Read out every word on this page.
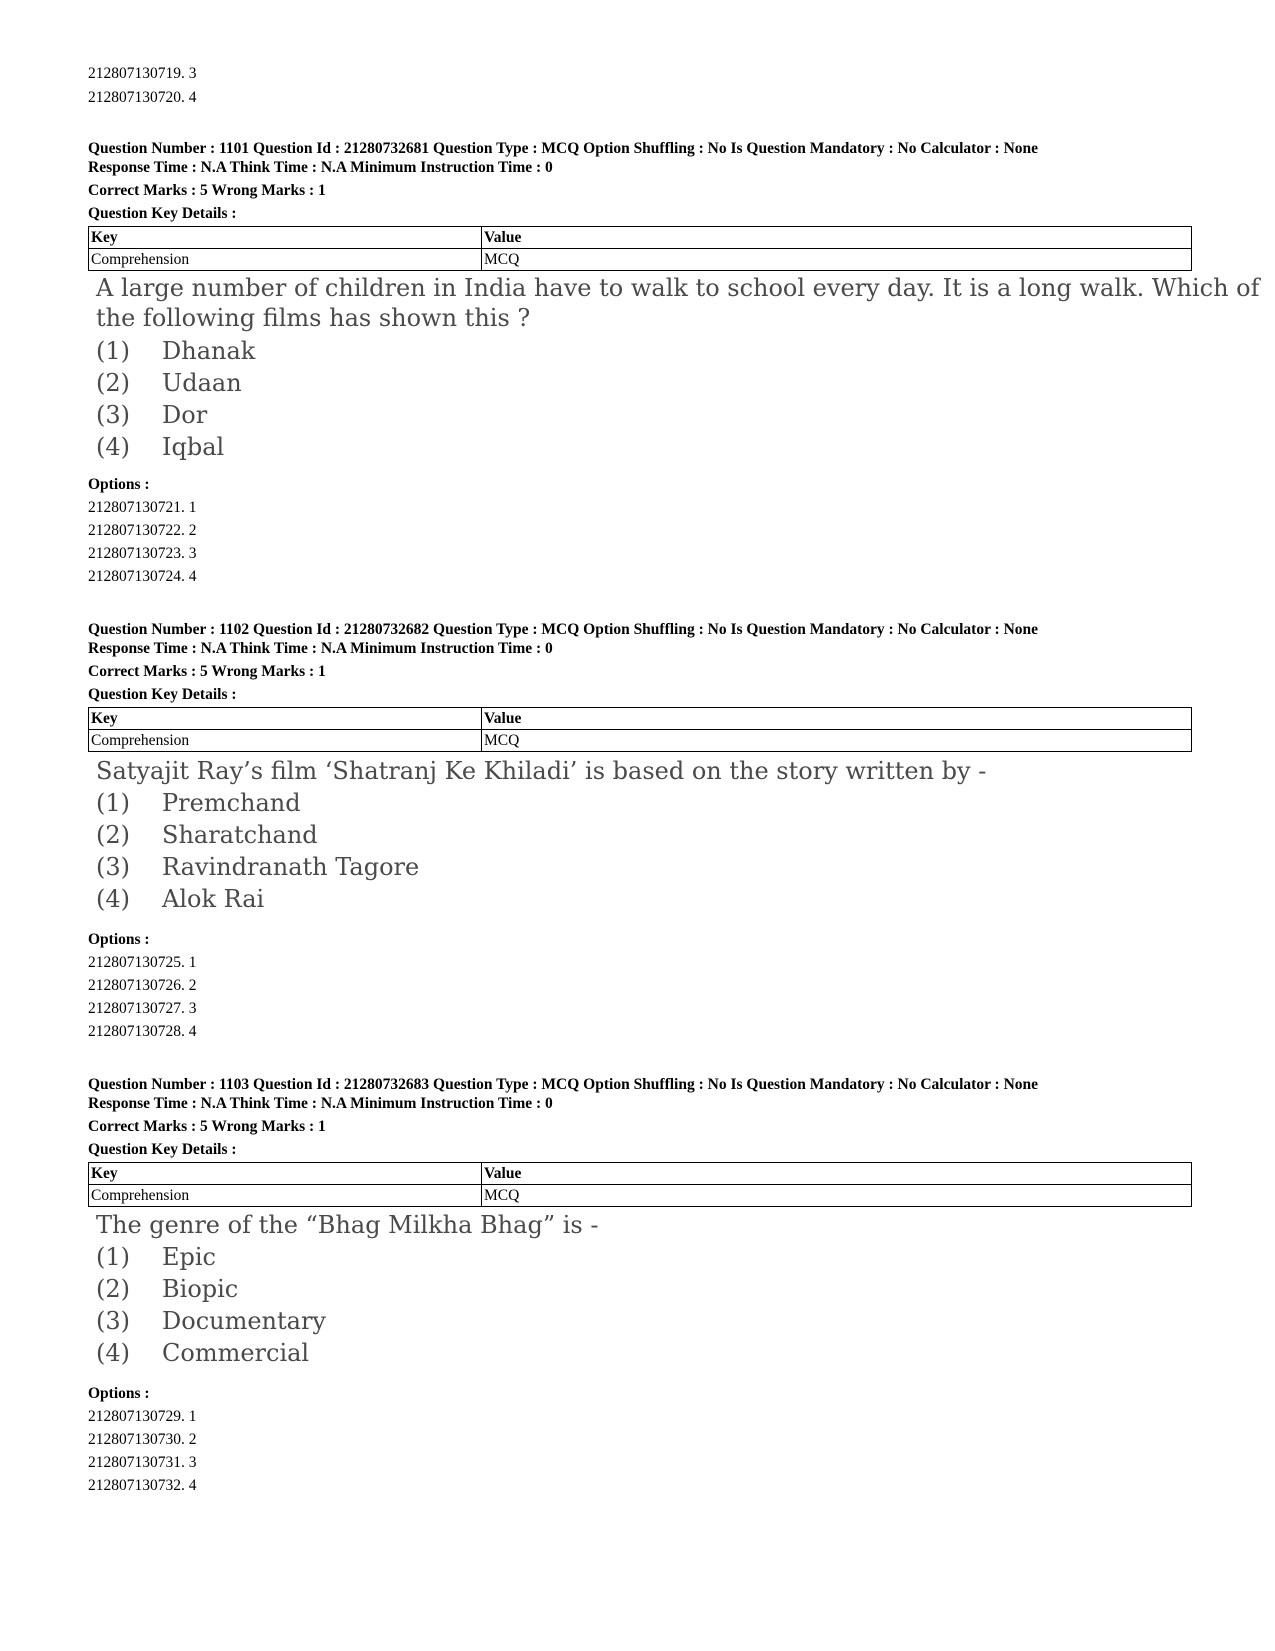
212807130719. 3
212807130720. 4
Question Number : 1101 Question Id : 21280732681 Question Type : MCQ Option Shuffling : No Is Question Mandatory : No Calculator : None
Response Time : N.A Think Time : N.A Minimum Instruction Time : 0
Correct Marks : 5 Wrong Marks : 1
Question Key Details :
Key	Value
Comprehension	MCQ
A large number of children in India have to walk to school every day. It is a long walk. Which of
the following films has shown this ?
(1) Dhanak
(2) Udaan
(3) Dor
(4) Iqbal
Options :
212807130721. 1
212807130722. 2
212807130723. 3
212807130724. 4
Question Number : 1102 Question Id : 21280732682 Question Type : MCQ Option Shuffling : No Is Question Mandatory : No Calculator : None
Response Time : N.A Think Time : N.A Minimum Instruction Time : 0
Correct Marks : 5 Wrong Marks : 1
Question Key Details :
Key	Value
Comprehension	MCQ
Satyajit Ray’s film ‘Shatranj Ke Khiladi’ is based on the story written by -
(1) Premchand
(2) Sharatchand
(3) Ravindranath Tagore
(4) Alok Rai
Options :
212807130725. 1
212807130726. 2
212807130727. 3
212807130728. 4
Question Number : 1103 Question Id : 21280732683 Question Type : MCQ Option Shuffling : No Is Question Mandatory : No Calculator : None
Response Time : N.A Think Time : N.A Minimum Instruction Time : 0
Correct Marks : 5 Wrong Marks : 1
Question Key Details :
Key	Value
Comprehension	MCQ
The genre of the “Bhag Milkha Bhag” is -
(1) Epic
(2) Biopic
(3) Documentary
(4) Commercial
Options :
212807130729. 1
212807130730. 2
212807130731. 3
212807130732. 4
